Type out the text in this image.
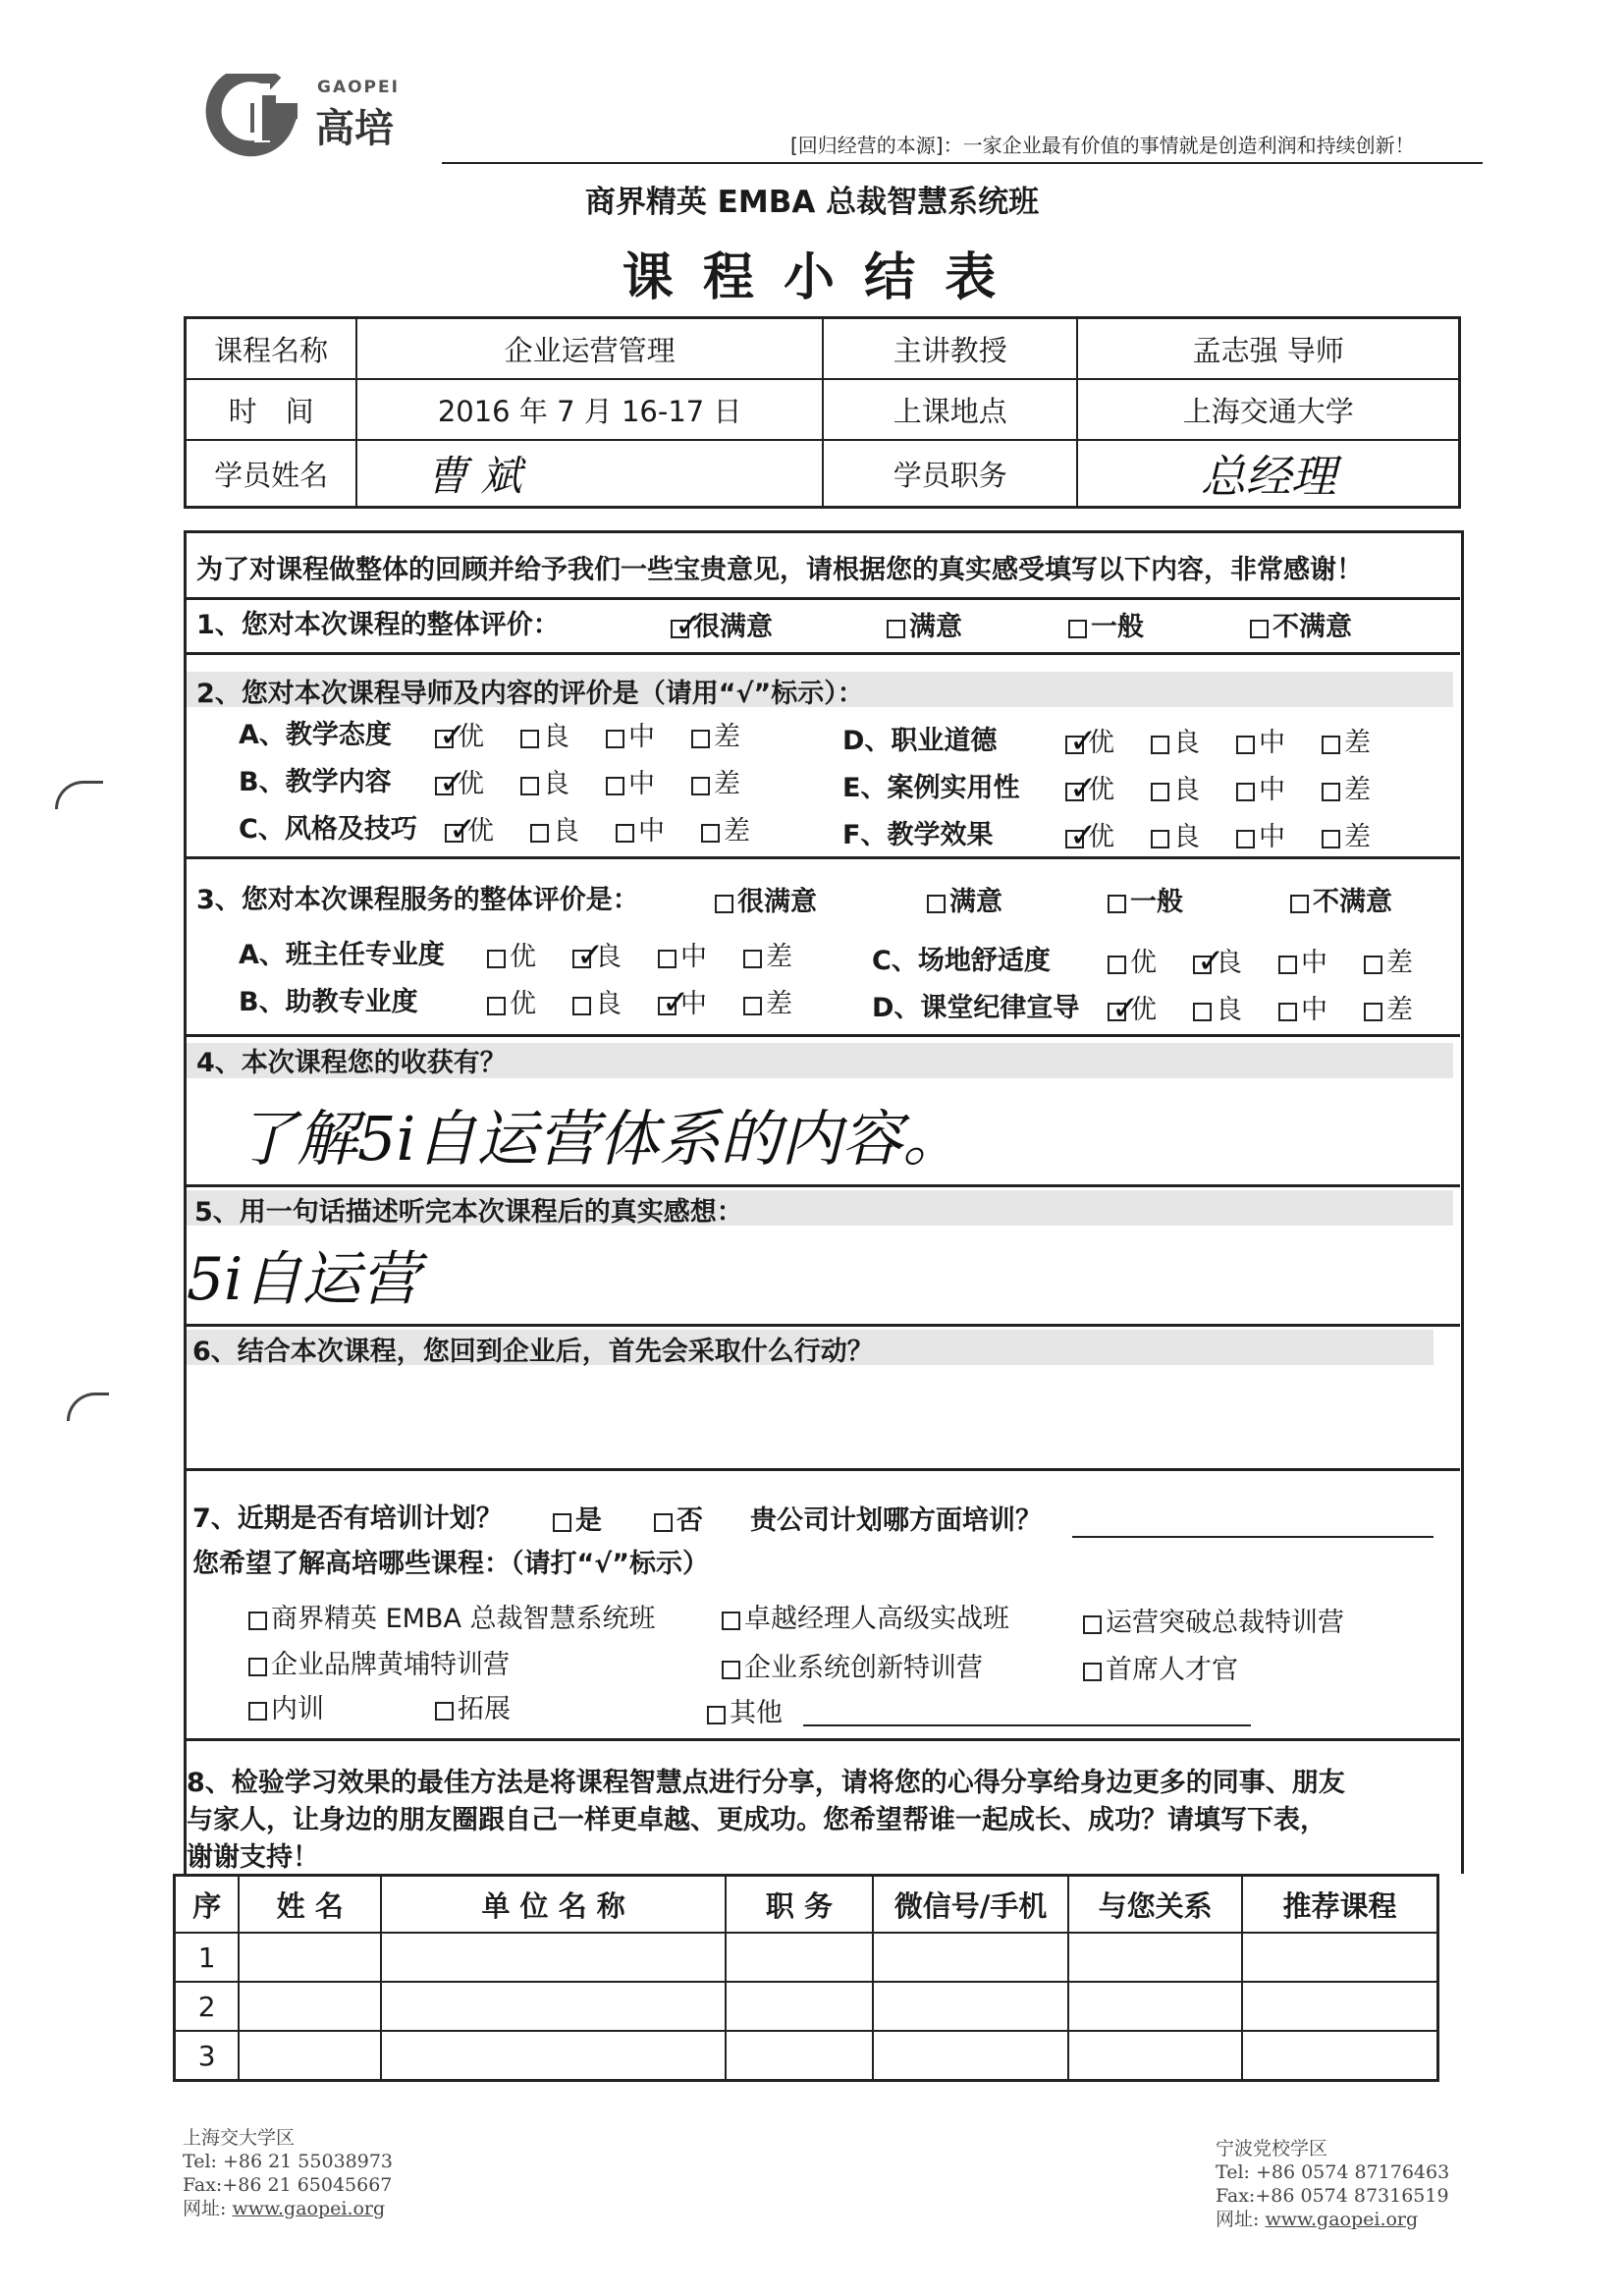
GAOPEI
高培	[回归经营的本源]：一家企业最有价值的事情就是创造利润和持续创新！
商界精英 EMBA 总裁智慧系统班
课 程 小 结 表
课程名称	企业运营管理	主讲教授	孟志强 导师
时　间	2016 年 7 月 16-17 日	上课地点	上海交通大学
学员姓名	曹 斌	学员职务	总经理
为了对课程做整体的回顾并给予我们一些宝贵意见，请根据您的真实感受填写以下内容，非常感谢！
1、您对本次课程的整体评价： ✓	很满意	满意	一般	不满意
2、您对本次课程导师及内容的评价是（请用“√”标示）：
A、教学态度 ✓	优	良	中	差
B、教学内容 ✓	优	良	中	差
C、风格及技巧 ✓	优	良	中	差
D、职业道德 ✓	优	良	中	差
E、案例实用性 ✓	优	良	中	差
F、教学效果 ✓	优	良	中	差
3、您对本次课程服务的整体评价是：	很满意	满意	一般	不满意
A、班主任专业度	优 ✓	良	中	差
B、助教专业度	优	良 ✓	中	差
C、场地舒适度	优 ✓	良	中	差
D、课堂纪律宣导 ✓	优	良	中	差
4、本次课程您的收获有？
了解5i自运营体系的内容。
5、用一句话描述听完本次课程后的真实感想：
5i自运营
6、结合本次课程，您回到企业后，首先会采取什么行动？
7、近期是否有培训计划？	是	否 贵公司计划哪方面培训？
您希望了解高培哪些课程：（请打“√”标示）
商界精英 EMBA 总裁智慧系统班	卓越经理人高级实战班	运营突破总裁特训营
企业品牌黄埔特训营	企业系统创新特训营	首席人才官
内训	拓展	其他
8、检验学习效果的最佳方法是将课程智慧点进行分享，请将您的心得分享给身边更多的同事、朋友
与家人，让身边的朋友圈跟自己一样更卓越、更成功。您希望帮谁一起成长、成功？请填写下表，
谢谢支持！
序	姓 名	单 位 名 称	职 务	微信号/手机	与您关系	推荐课程
1						
2						
3						
上海交大学区
Tel: +86 21 55038973
Fax:+86 21 65045667
网址: www.gaopei.org
宁波党校学区
Tel: +86 0574 87176463
Fax:+86 0574 87316519
网址: www.gaopei.org
